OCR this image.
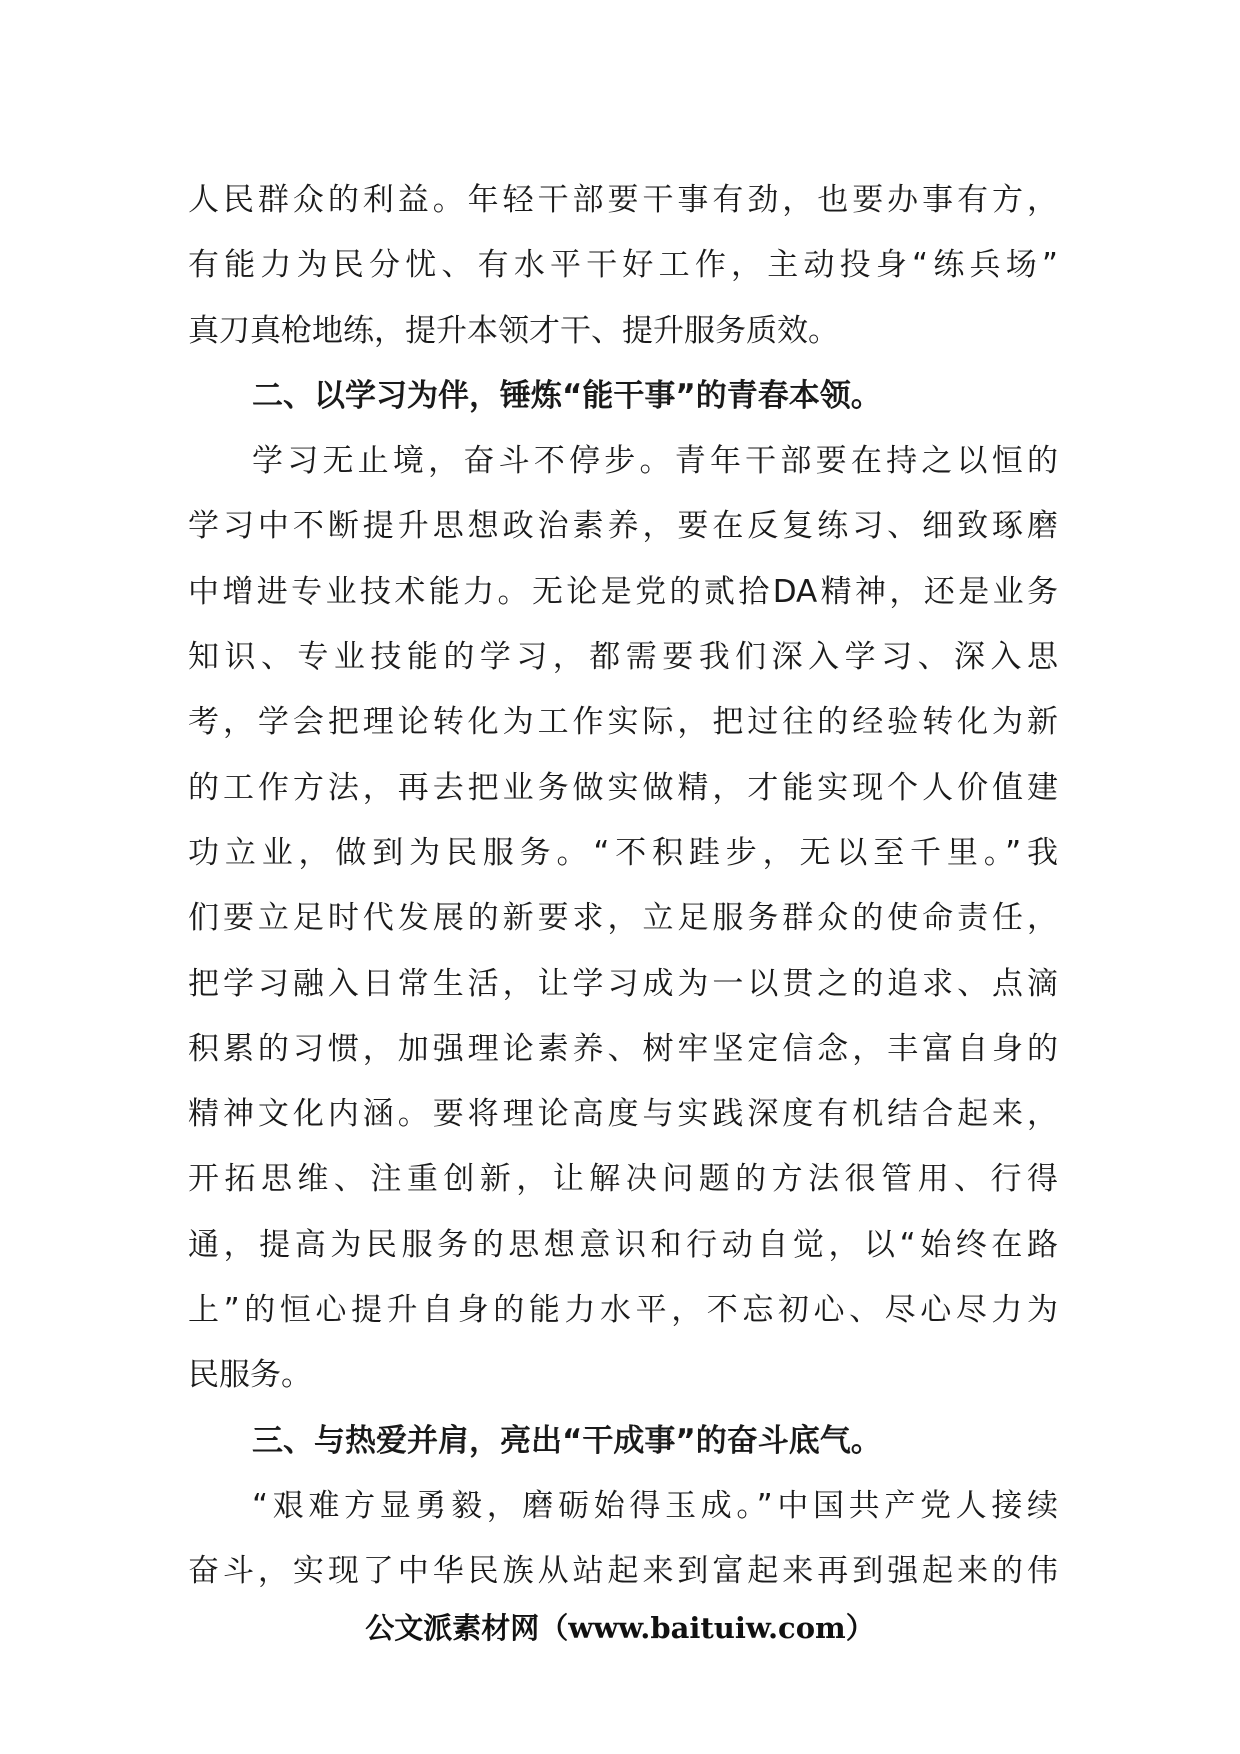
人民群众的利益。年轻干部要干事有劲，也要办事有方，
有能力为民分忧、有水平干好工作，主动投身“练兵场”
真刀真枪地练，提升本领才干、提升服务质效。
二、以学习为伴，锤炼“能干事”的青春本领。
学习无止境，奋斗不停步。青年干部要在持之以恒的
学习中不断提升思想政治素养，要在反复练习、细致琢磨
中增进专业技术能力。无论是党的贰拾DA精神，还是业务
知识、专业技能的学习，都需要我们深入学习、深入思
考，学会把理论转化为工作实际，把过往的经验转化为新
的工作方法，再去把业务做实做精，才能实现个人价值建
功立业，做到为民服务。“不积跬步，无以至千里。”我
们要立足时代发展的新要求，立足服务群众的使命责任，
把学习融入日常生活，让学习成为一以贯之的追求、点滴
积累的习惯，加强理论素养、树牢坚定信念，丰富自身的
精神文化内涵。要将理论高度与实践深度有机结合起来，
开拓思维、注重创新，让解决问题的方法很管用、行得
通，提高为民服务的思想意识和行动自觉，以“始终在路
上”的恒心提升自身的能力水平，不忘初心、尽心尽力为
民服务。
三、与热爱并肩，亮出“干成事”的奋斗底气。
“艰难方显勇毅，磨砺始得玉成。”中国共产党人接续
奋斗，实现了中华民族从站起来到富起来再到强起来的伟
公文派素材网（www.baituiw.com）
